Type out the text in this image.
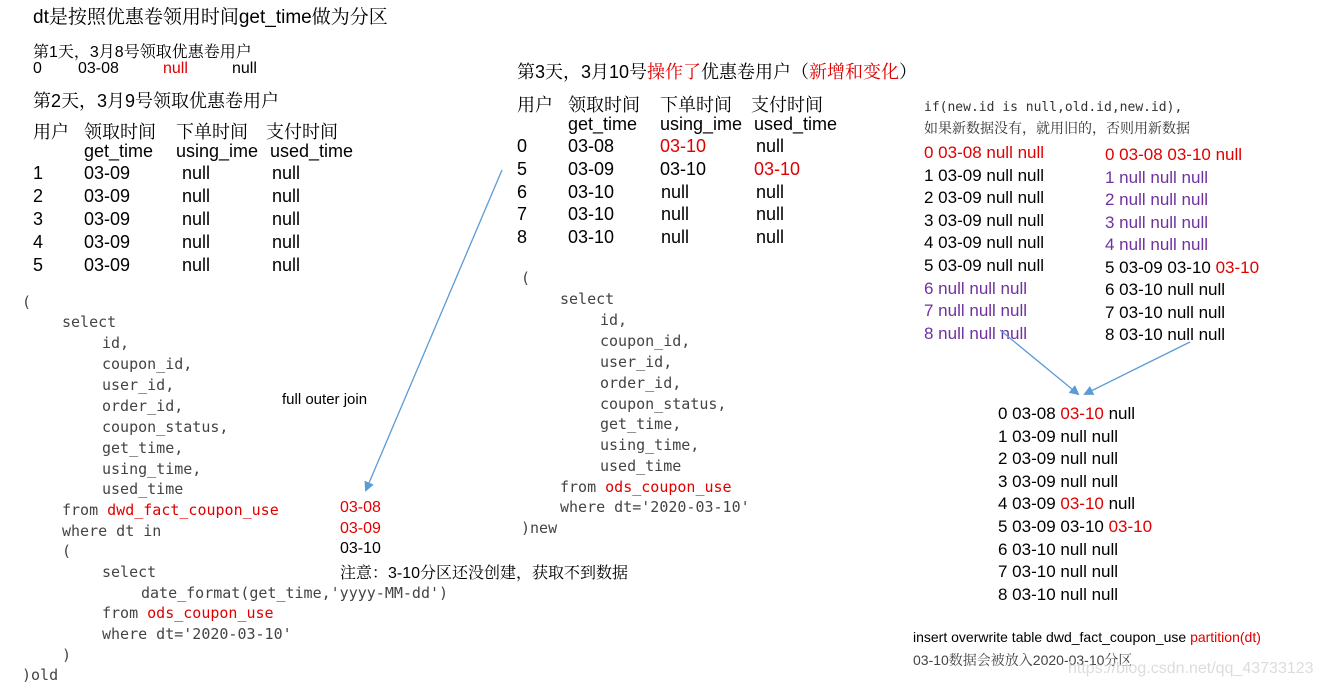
dt是按照优惠卷领用时间get_time做为分区
第1天，3月8号领取优惠卷用户
0 03-08	null	null
第2天，3月9号领取优惠卷用户
用户 领取时间 下单时间 支付时间
get_time using_ime used_time
1 03-09	null	null
2 03-09	null	null
3 03-09	null	null
4 03-09	null	null
5 03-09	null	null
(
select
id,
coupon_id,
user_id,
order_id,
coupon_status,
get_time,
using_time,
used_time
from dwd_fact_coupon_use
where dt in
(
select
date_format(get_time,'yyyy-MM-dd')
from ods_coupon_use
where dt='2020-03-10'
)
)old
full outer join
03-08
03-09
03-10
注意：3-10分区还没创建，获取不到数据
第3天，3月10号操作了优惠卷用户（新增和变化）
用户 领取时间 下单时间 支付时间
get_time using_ime used_time
0 03-08	03-10	null
5 03-09	03-10	03-10
6 03-10	null	null
7 03-10	null	null
8 03-10	null	null
(
select
id,
coupon_id,
user_id,
order_id,
coupon_status,
get_time,
using_time,
used_time
from ods_coupon_use
where dt='2020-03-10'
)new
if(new.id is null,old.id,new.id),
如果新数据没有，就用旧的，否则用新数据
0 03-08 null null
1 03-09 null null
2 03-09 null null
3 03-09 null null
4 03-09 null null
5 03-09 null null
6 null null null
7 null null null
8 null null null
0 03-08 03-10 null
1 null null null
2 null null null
3 null null null
4 null null null
5 03-09 03-10 03-10
6 03-10 null null
7 03-10 null null
8 03-10 null null
0 03-08 03-10 null
1 03-09 null null
2 03-09 null null
3 03-09 null null
4 03-09 03-10 null
5 03-09 03-10 03-10
6 03-10 null null
7 03-10 null null
8 03-10 null null
insert overwrite table dwd_fact_coupon_use partition(dt)
03-10数据会被放入2020-03-10分区
https://blog.csdn.net/qq_43733123
